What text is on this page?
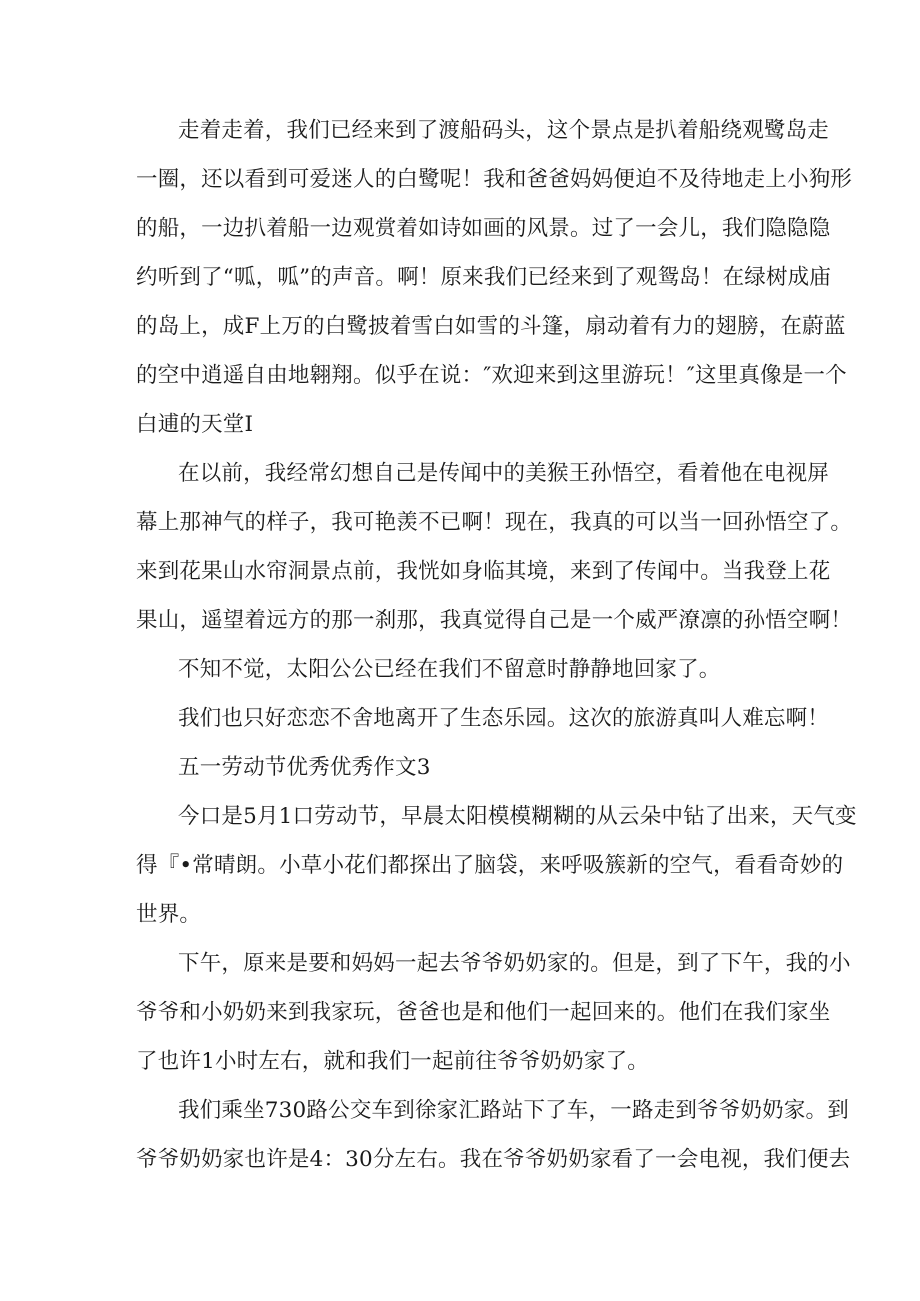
走着走着，我们已经来到了渡船码头，这个景点是扒着船绕观鹭岛走
一圈，还以看到可爱迷人的白鹭呢！我和爸爸妈妈便迫不及待地走上小狗形
的船，一边扒着船一边观赏着如诗如画的风景。过了一会儿，我们隐隐隐
约听到了“呱，呱”的声音。啊！原来我们已经来到了观鸳岛！在绿树成庙
的岛上，成F上万的白鹭披着雪白如雪的斗篷，扇动着有力的翅膀，在蔚蓝
的空中逍遥自由地翱翔。似乎在说：″欢迎来到这里游玩！″这里真像是一个
白逋的天堂I
在以前，我经常幻想自己是传闻中的美猴王孙悟空，看着他在电视屏
幕上那神气的样子，我可艳羡不已啊！现在，我真的可以当一回孙悟空了。
来到花果山水帘洞景点前，我恍如身临其境，来到了传闻中。当我登上花
果山，遥望着远方的那一刹那，我真觉得自己是一个威严潦凛的孙悟空啊！
不知不觉，太阳公公已经在我们不留意时静静地回家了。
我们也只好恋恋不舍地离开了生态乐园。这次的旅游真叫人难忘啊！
五一劳动节优秀优秀作文3
今口是5月1口劳动节，早晨太阳模模糊糊的从云朵中钻了出来，天气变
得『•常晴朗。小草小花们都探出了脑袋，来呼吸簇新的空气，看看奇妙的
世界。
下午，原来是要和妈妈一起去爷爷奶奶家的。但是，到了下午，我的小
爷爷和小奶奶来到我家玩，爸爸也是和他们一起回来的。他们在我们家坐
了也许1小时左右，就和我们一起前往爷爷奶奶家了。
我们乘坐730路公交车到徐家汇路站下了车，一路走到爷爷奶奶家。到
爷爷奶奶家也许是4：30分左右。我在爷爷奶奶家看了一会电视，我们便去
